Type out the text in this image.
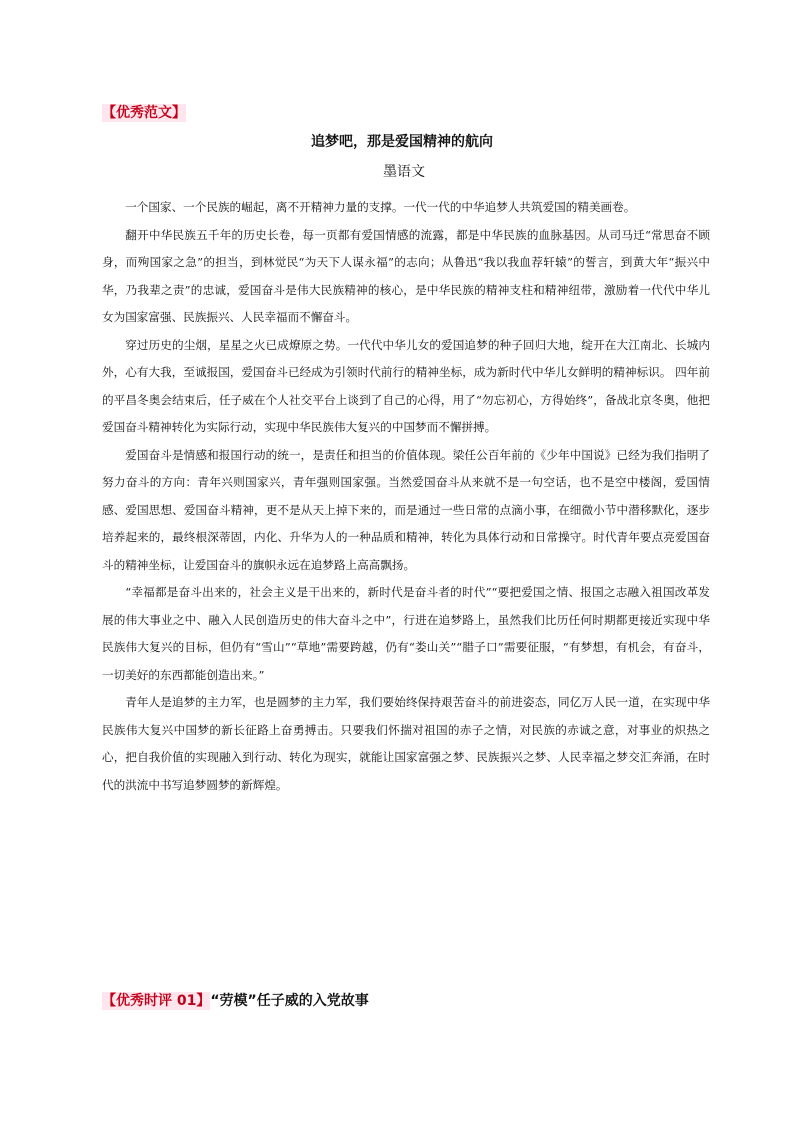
【优秀范文】
追梦吧，那是爱国精神的航向
墨语文

一个国家、一个民族的崛起，离不开精神力量的支撑。一代一代的中华追梦人共筑爱国的精美画卷。

翻开中华民族五千年的历史长卷，每一页都有爱国情感的流露，都是中华民族的血脉基因。从司马迁“常思奋不顾身，而殉国家之急”的担当，到林觉民“为天下人谋永福”的志向；从鲁迅“我以我血荐轩辕”的誓言，到黄大年“振兴中华，乃我辈之责”的忠诚，爱国奋斗是伟大民族精神的核心，是中华民族的精神支柱和精神纽带，激励着一代代中华儿女为国家富强、民族振兴、人民幸福而不懈奋斗。

穿过历史的尘烟，星星之火已成燎原之势。一代代中华儿女的爱国追梦的种子回归大地，绽开在大江南北、长城内外，心有大我，至诚报国，爱国奋斗已经成为引领时代前行的精神坐标，成为新时代中华儿女鲜明的精神标识。 四年前的平昌冬奥会结束后，任子威在个人社交平台上谈到了自己的心得，用了“勿忘初心，方得始终”，备战北京冬奥，他把爱国奋斗精神转化为实际行动，实现中华民族伟大复兴的中国梦而不懈拼搏。

爱国奋斗是情感和报国行动的统一，是责任和担当的价值体现。梁任公百年前的《少年中国说》已经为我们指明了努力奋斗的方向：青年兴则国家兴，青年强则国家强。当然爱国奋斗从来就不是一句空话，也不是空中楼阁，爱国情感、爱国思想、爱国奋斗精神，更不是从天上掉下来的，而是通过一些日常的点滴小事，在细微小节中潜移默化，逐步培养起来的，最终根深蒂固，内化、升华为人的一种品质和精神，转化为具体行动和日常操守。时代青年要点亮爱国奋斗的精神坐标，让爱国奋斗的旗帜永远在追梦路上高高飘扬。

“幸福都是奋斗出来的，社会主义是干出来的，新时代是奋斗者的时代”“要把爱国之情、报国之志融入祖国改革发展的伟大事业之中、融入人民创造历史的伟大奋斗之中”，行进在追梦路上，虽然我们比历任何时期都更接近实现中华民族伟大复兴的目标，但仍有“雪山”“草地”需要跨越，仍有“娄山关”“腊子口”需要征服，“有梦想，有机会，有奋斗，一切美好的东西都能创造出来。”

青年人是追梦的主力军，也是圆梦的主力军，我们要始终保持艰苦奋斗的前进姿态，同亿万人民一道，在实现中华民族伟大复兴中国梦的新长征路上奋勇搏击。只要我们怀揣对祖国的赤子之情，对民族的赤诚之意，对事业的炽热之心，把自我价值的实现融入到行动、转化为现实，就能让国家富强之梦、民族振兴之梦、人民幸福之梦交汇奔涌，在时代的洪流中书写追梦圆梦的新辉煌。

【优秀时评 01】“劳模”任子威的入党故事
